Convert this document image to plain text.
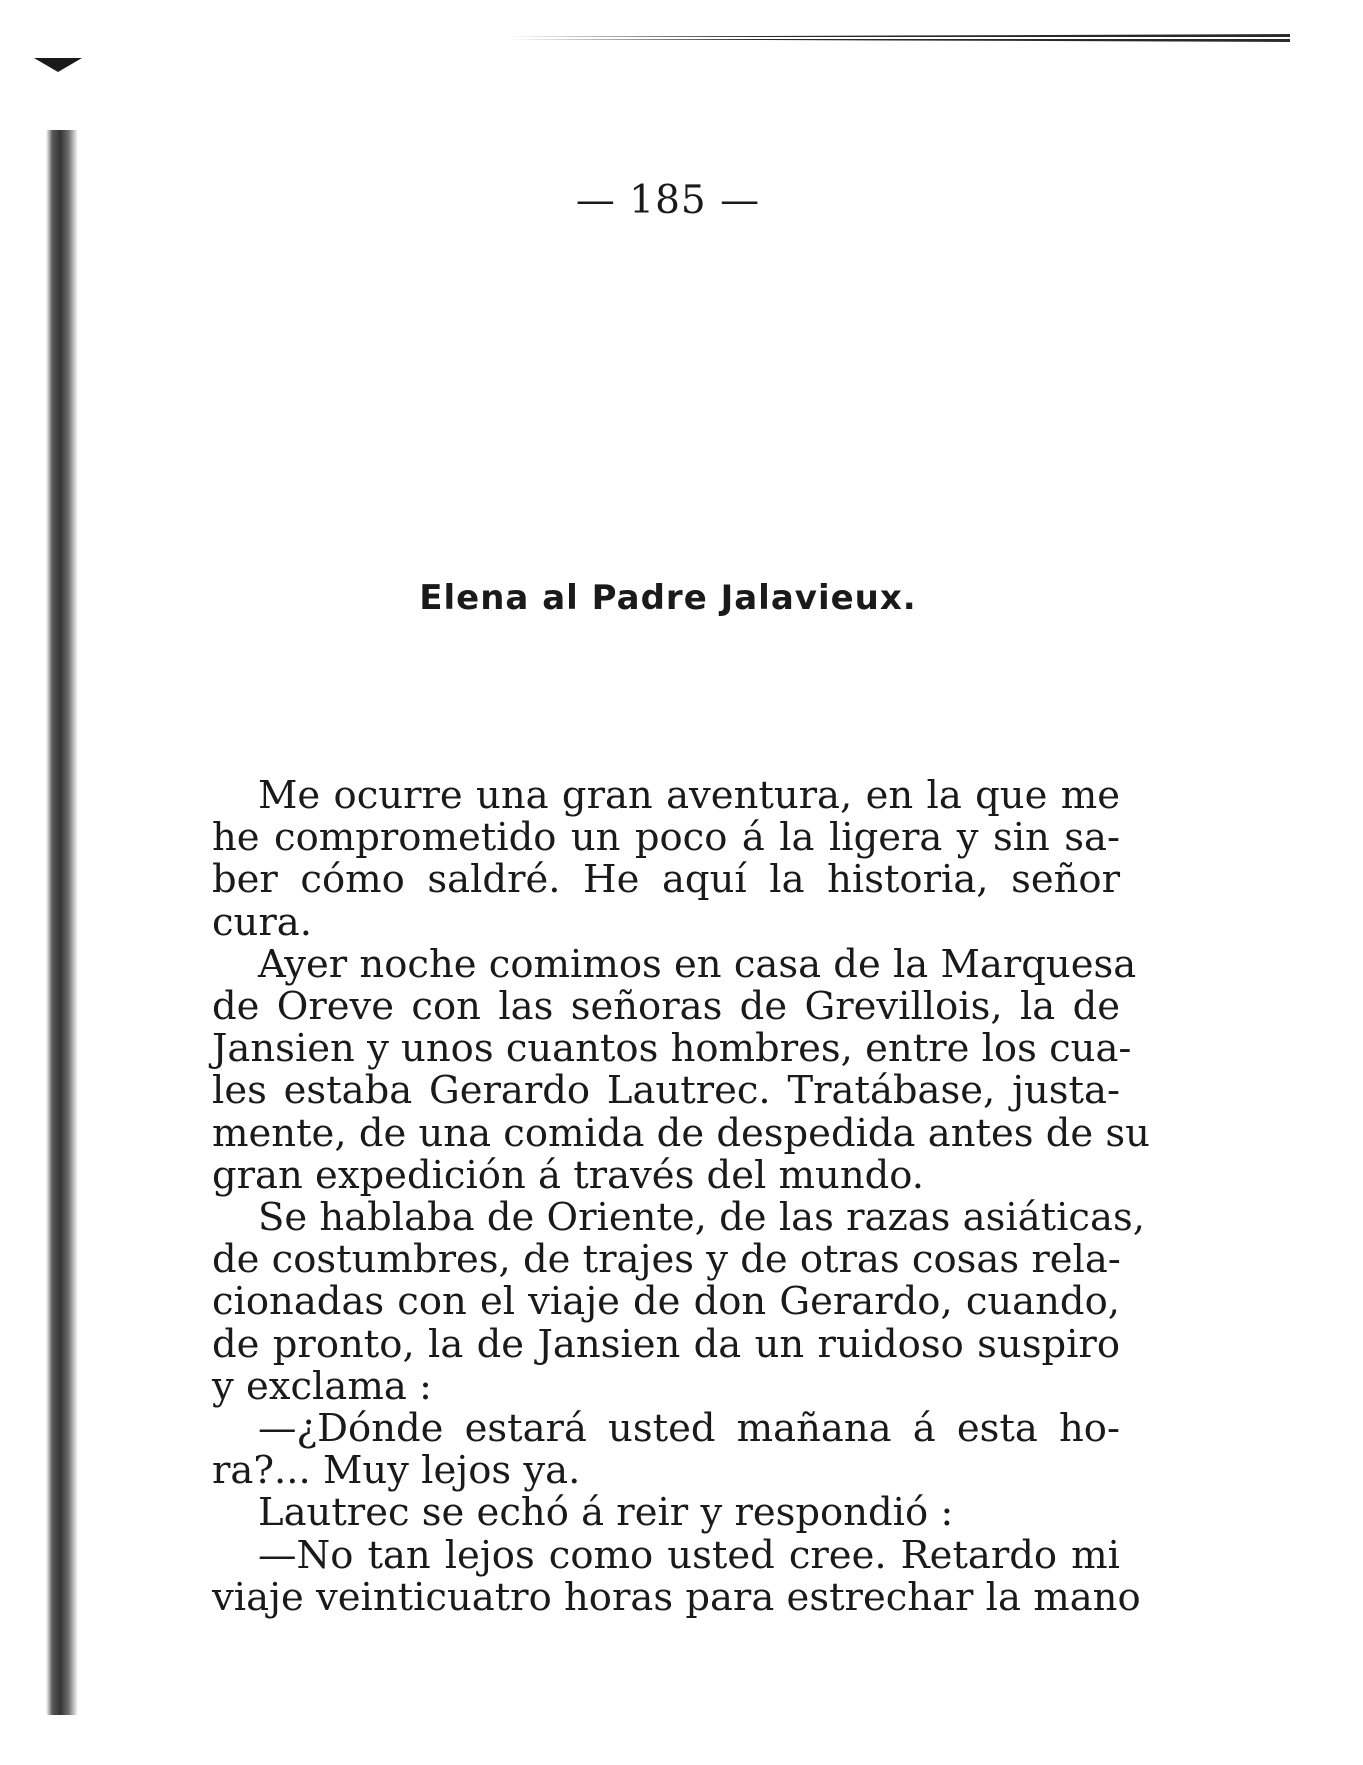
— 185 —
Elena al Padre Jalavieux.
Me ocurre una gran aventura, en la que me
he comprometido un poco á la ligera y sin sa-
ber cómo saldré. He aquí la historia, señor
cura.
Ayer noche comimos en casa de la Marquesa
de Oreve con las señoras de Grevillois, la de
Jansien y unos cuantos hombres, entre los cua-
les estaba Gerardo Lautrec. Tratábase, justa-
mente, de una comida de despedida antes de su
gran expedición á través del mundo.
Se hablaba de Oriente, de las razas asiáticas,
de costumbres, de trajes y de otras cosas rela-
cionadas con el viaje de don Gerardo, cuando,
de pronto, la de Jansien da un ruidoso suspiro
y exclama :
—¿Dónde estará usted mañana á esta ho-
ra?... Muy lejos ya.
Lautrec se echó á reir y respondió :
—No tan lejos como usted cree. Retardo mi
viaje veinticuatro horas para estrechar la mano
